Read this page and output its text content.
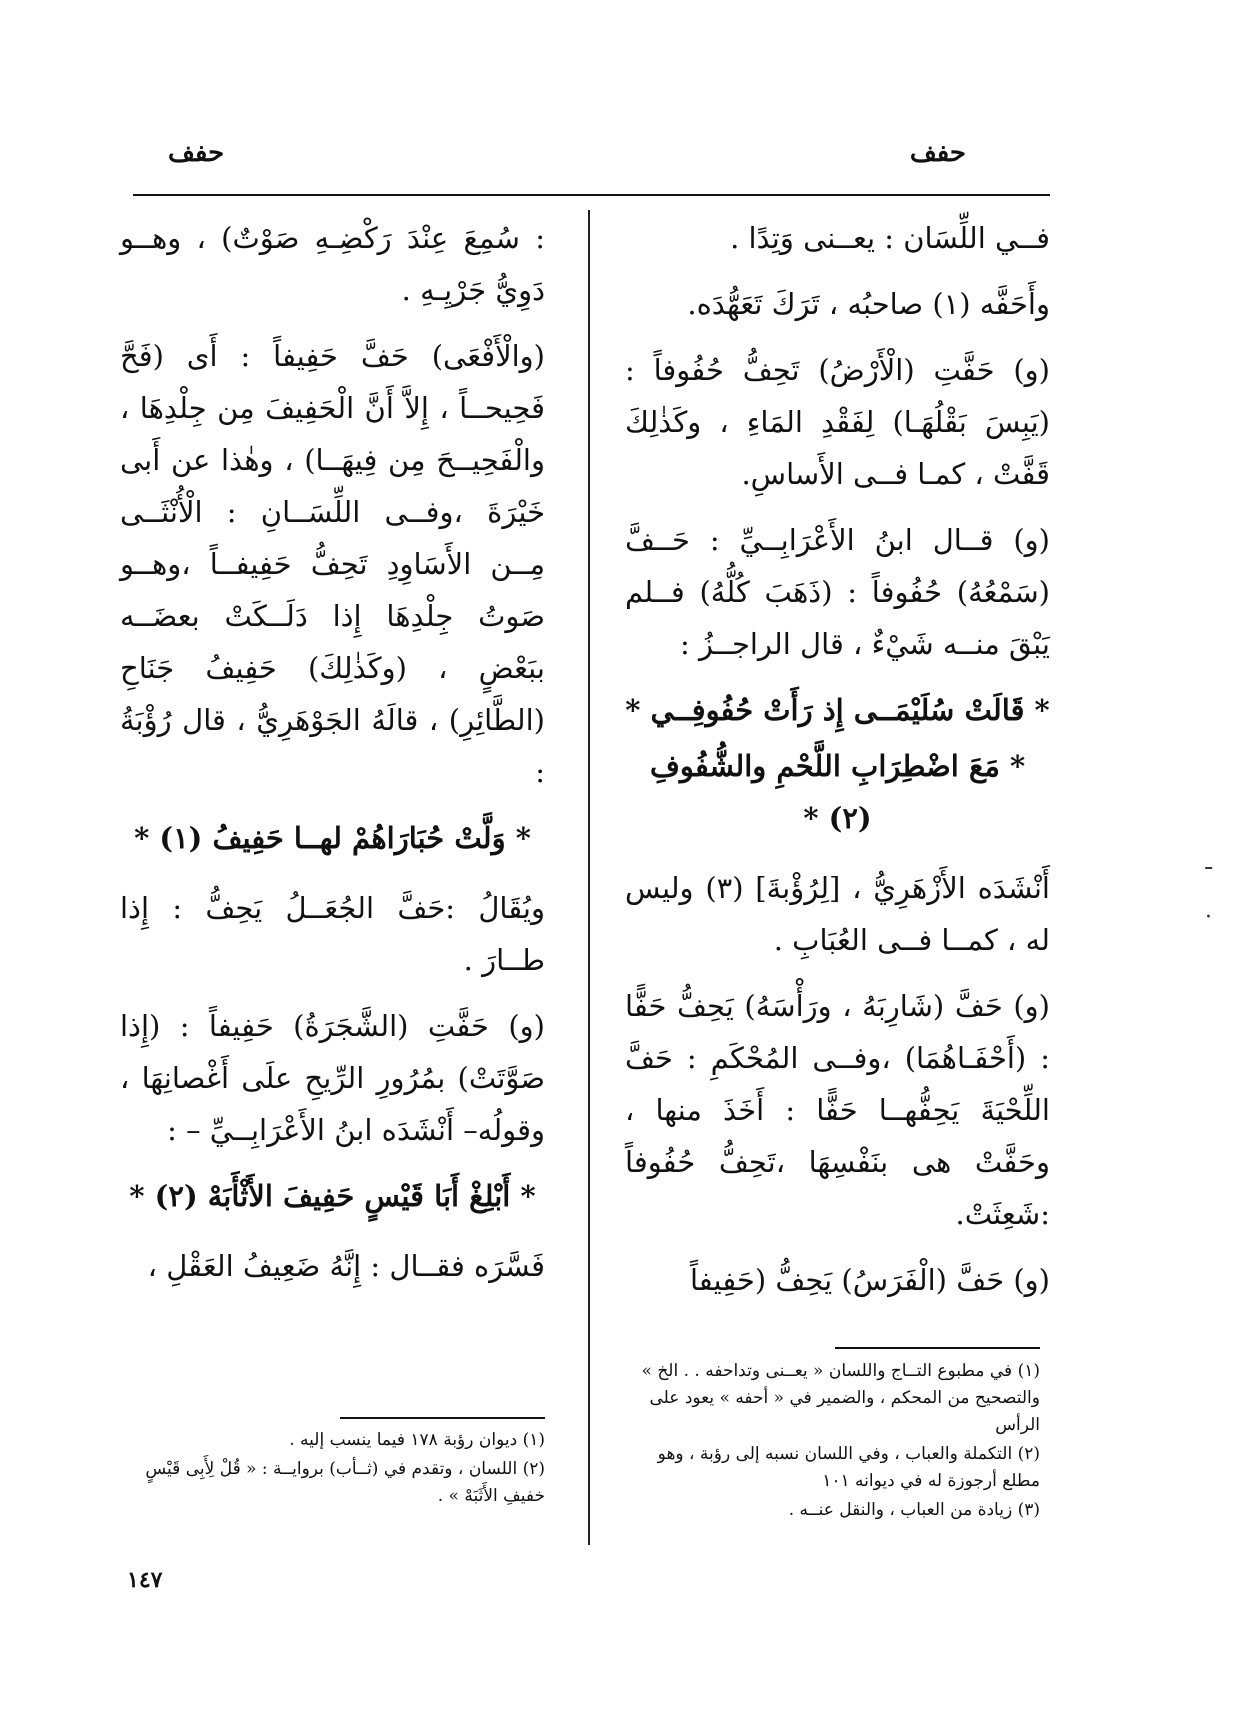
حفف
حفف

فــي اللِّسَان : يعــنى وَتِدًا .

وأَحَفَّه (١) صاحبُه ، تَرَكَ تَعَهُّدَه.

(و) حَفَّتِ (الْأَرْضُ) تَحِفُّ حُفُوفاً : (يَبِسَ بَقْلُهَـا) لِفَقْدِ المَاءِ ، وكَذٰلِكَ قَفَّتْ ، كمـا فــى الأَساسِ.

(و) قــال ابنُ الأَعْرَابِــيِّ : حَــفَّ (سَمْعُهُ) حُفُوفاً : (ذَهَبَ كُلُّهُ) فــلم يَبْقَ منــه شَيْءٌ ، قال الراجــزُ :

* قَالَتْ سُلَيْمَــى إِذ رَأَتْ حُفُوفِــي *

* مَعَ اضْطِرَابِ اللَّحْمِ والشُّفُوفِ (٢) *

أَنْشَدَه الأَزْهَرِيُّ ، [لِرُؤْبةَ] (٣) وليس له ، كمــا فــى العُبَابِ .

(و) حَفَّ (شَارِبَهُ ، ورَأْسَهُ) يَحِفُّ حَفًّا : (أَحْفَـاهُمَا) ،وفــى المُحْكَمِ : حَفَّ اللِّحْيَةَ يَحِفُّهــا حَفًّا : أَخَذَ منها ، وحَفَّتْ هى بنَفْسِهَا ،تَحِفُّ حُفُوفاً :شَعِثَتْ.

(و) حَفَّ (الْفَرَسُ) يَحِفُّ (حَفِيفاً

: سُمِعَ عِنْدَ رَكْضِـهِ صَوْتٌ) ، وهــو دَوِيُّ جَرْيِـهِ .

(والْأَفْعَى) حَفَّ حَفِيفاً : أَى (فَحَّ فَحِيحــاً ، إِلاَّ أَنَّ الْحَفِيفَ مِن جِلْدِهَا ، والْفَحِيــحَ مِن فِيهَــا) ، وهٰذا عن أَبى خَيْرَةَ ،وفــى اللِّسَــانِ : الْأُنْثَــى مِــن الأَسَاوِدِ تَحِفُّ حَفِيفــاً ،وهــو صَوتُ جِلْدِهَا إِذا دَلَــكَتْ بعضَــه ببَعْضٍ ، (وكَذٰلِكَ) حَفِيفُ جَنَاحِ (الطَّائِرِ) ، قالَهُ الجَوْهَرِيُّ ، قال رُؤْبَةُ :

* وَلَّتْ حُبَارَاهُمْ لهــا حَفِيفُ (١) *

ويُقَالُ :حَفَّ الجُعَــلُ يَحِفُّ : إِذا طــارَ .

(و) حَفَّتِ (الشَّجَرَةُ) حَفِيفاً : (إِذا صَوَّتَتْ) بمُرُورِ الرِّيحِ علَى أَغْصانِهَا ، وقولُه– أَنْشَدَه ابنُ الأَعْرَابِــيِّ – :

* أَبْلِغْ أَبَا قَيْسٍ حَفِيفَ الأَثْأَبَهْ (٢) *

فَسَّرَه فقــال : إِنَّهُ ضَعِيفُ العَقْلِ ،

(١) في مطبوع التــاج واللسان « يعــنى وتداحفه . . الخ » والتصحيح من المحكم ، والضمير في « أحفه » يعود على الرأس

(٢) التكملة والعباب ، وفي اللسان نسبه إلى رؤبة ، وهو مطلع أرجوزة له في ديوانه ١٠١

(٣) زيادة من العباب ، والنقل عنــه .

(١) ديوان رؤبة ١٧٨ فيما ينسب إليه .

(٢) اللسان ، وتقدم في (ثــأب) بروايــة : « قُلْ لِأَبِى قَيْسٍ خفيفِ الأَثَبَهْ » .

١٤٧
ـ
·
